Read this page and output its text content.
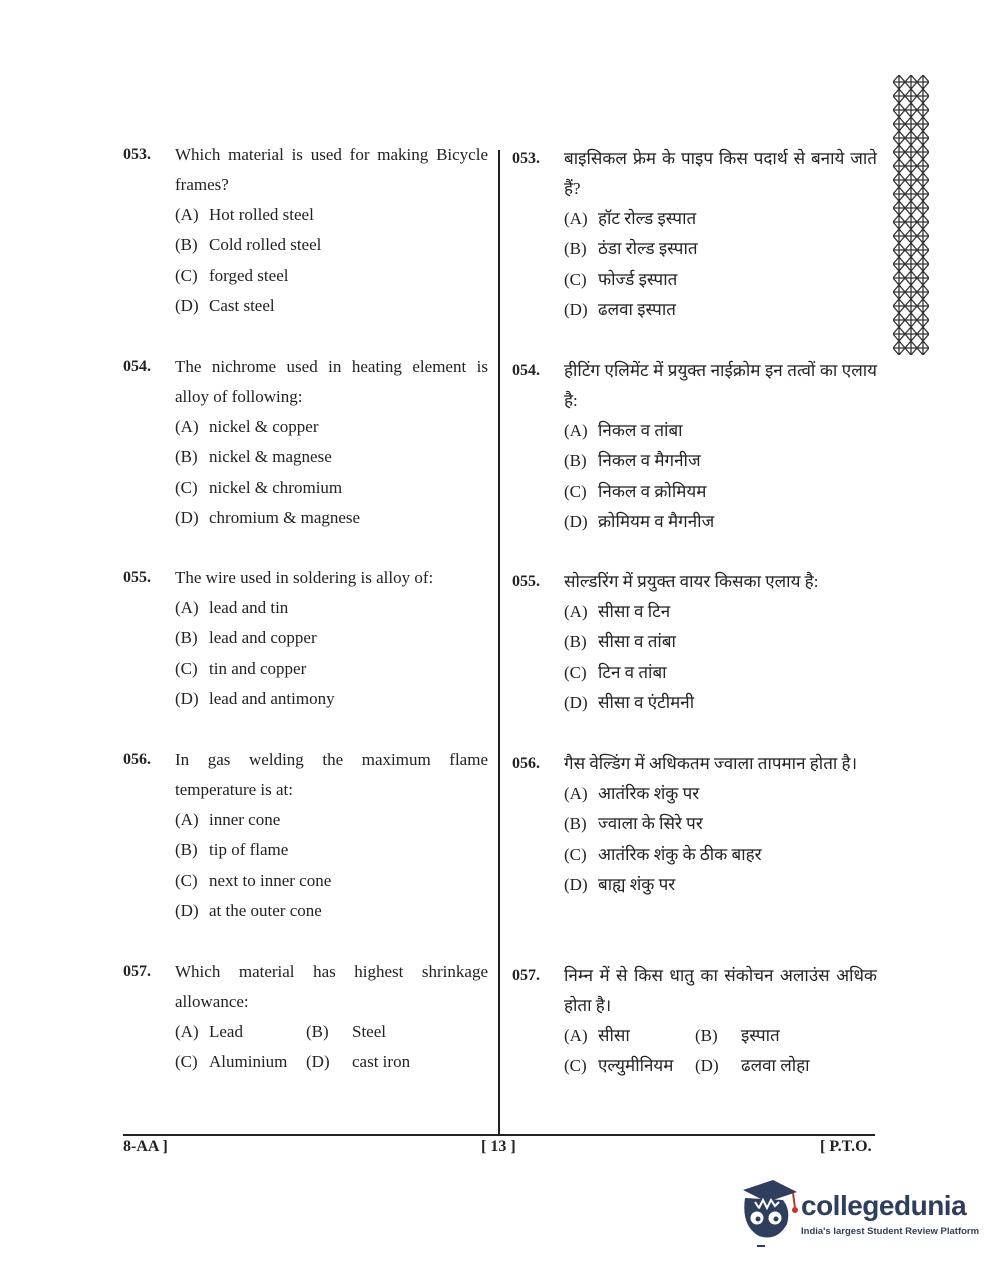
053.	Which material is used for making Bicycle frames?
(A) Hot rolled steel
(B) Cold rolled steel
(C) forged steel
(D) Cast steel
054.	The nichrome used in heating element is alloy of following:
(A) nickel & copper
(B) nickel & magnese
(C) nickel & chromium
(D) chromium & magnese
055.	The wire used in soldering is alloy of:
(A) lead and tin
(B) lead and copper
(C) tin and copper
(D) lead and antimony
056.	In gas welding the maximum flame temperature is at:
(A) inner cone
(B) tip of flame
(C) next to inner cone
(D) at the outer cone
057.	Which material has highest shrinkage allowance:
(A) Lead	(B) Steel
(C) Aluminium	(D) cast iron
053.	बाइसिकल फ्रेम के पाइप किस पदार्थ से बनाये जाते हैं?
(A) हॉट रोल्ड इस्पात
(B) ठंडा रोल्ड इस्पात
(C) फोर्ज्ड इस्पात
(D) ढलवा इस्पात
054.	हीटिंग एलिमेंट में प्रयुक्त नाईक्रोम इन तत्वों का एलाय है:
(A) निकल व तांबा
(B) निकल व मैगनीज
(C) निकल व क्रोमियम
(D) क्रोमियम व मैगनीज
055.	सोल्डरिंग में प्रयुक्त वायर किसका एलाय है:
(A) सीसा व टिन
(B) सीसा व तांबा
(C) टिन व तांबा
(D) सीसा व एंटीमनी
056.	गैस वेल्डिंग में अधिकतम ज्वाला तापमान होता है।
(A) आतंरिक शंकु पर
(B) ज्वाला के सिरे पर
(C) आतंरिक शंकु के ठीक बाहर
(D) बाह्य शंकु पर
057.	निम्न में से किस धातु का संकोचन अलाउंस अधिक होता है।
(A) सीसा	(B) इस्पात
(C) एल्युमीनियम	(D) ढलवा लोहा
8-AA ]	[ 13 ]	[ P.T.O.
collegedunia
India's largest Student Review Platform
